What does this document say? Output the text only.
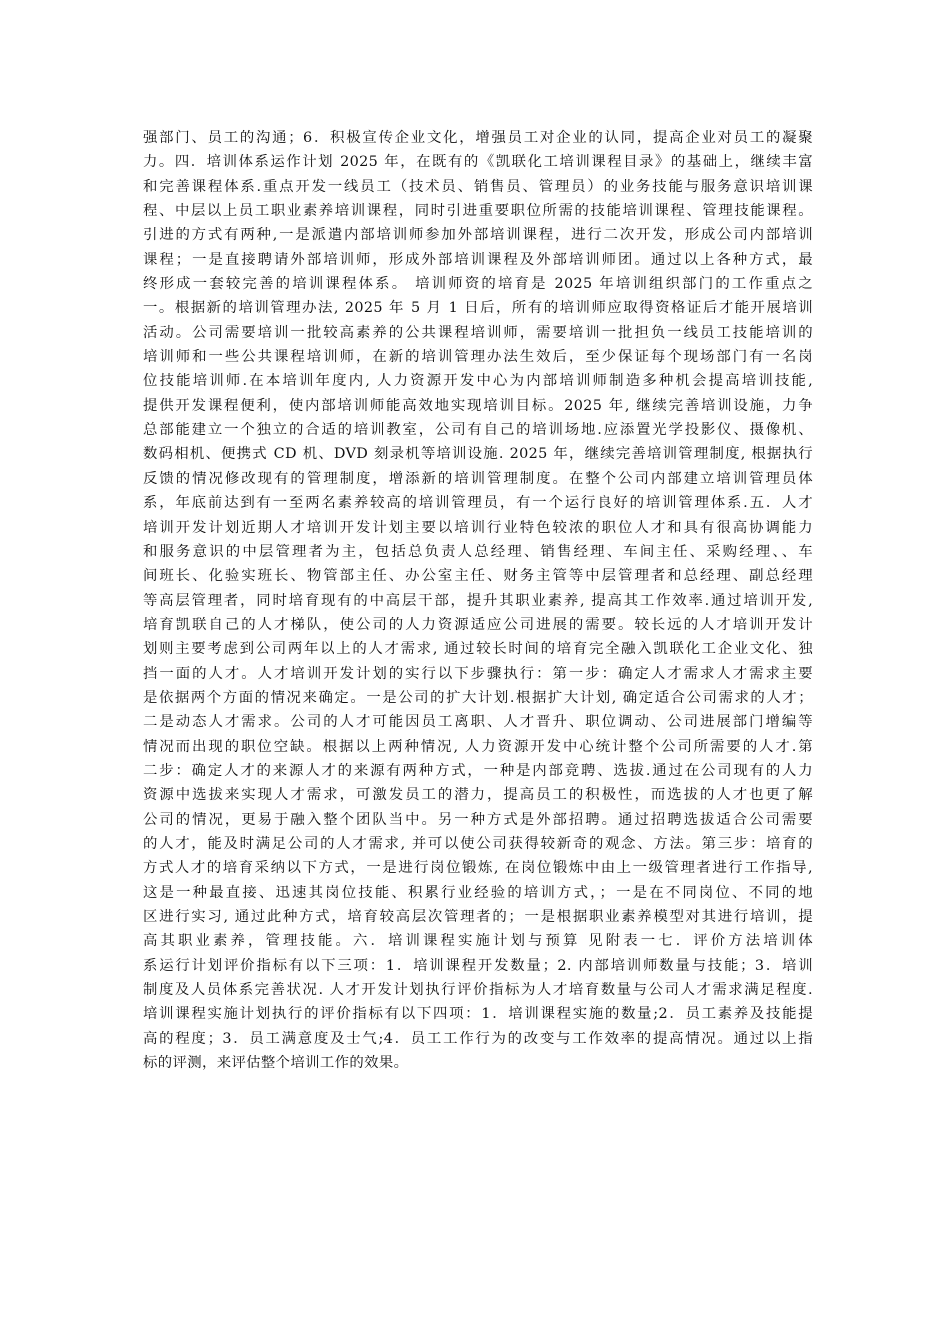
强部门、员工的沟通；6．积极宣传企业文化，增强员工对企业的认同，提高企业对员工的凝聚
力。四．培训体系运作计划 2025 年，在既有的《凯联化工培训课程目录》的基础上，继续丰富
和完善课程体系.重点开发一线员工（技术员、销售员、管理员）的业务技能与服务意识培训课
程、中层以上员工职业素养培训课程，同时引进重要职位所需的技能培训课程、管理技能课程。
引进的方式有两种,一是派遣内部培训师参加外部培训课程，进行二次开发，形成公司内部培训
课程；一是直接聘请外部培训师，形成外部培训课程及外部培训师团。通过以上各种方式，最
终形成一套较完善的培训课程体系。 培训师资的培育是 2025 年培训组织部门的工作重点之
一。根据新的培训管理办法, 2025 年 5 月 1 日后，所有的培训师应取得资格证后才能开展培训
活动。公司需要培训一批较高素养的公共课程培训师，需要培训一批担负一线员工技能培训的
培训师和一些公共课程培训师，在新的培训管理办法生效后，至少保证每个现场部门有一名岗
位技能培训师.在本培训年度内, 人力资源开发中心为内部培训师制造多种机会提高培训技能,
提供开发课程便利，使内部培训师能高效地实现培训目标。2025 年, 继续完善培训设施，力争
总部能建立一个独立的合适的培训教室，公司有自己的培训场地.应添置光学投影仪、摄像机、
数码相机、便携式 CD 机、DVD 刻录机等培训设施. 2025 年，继续完善培训管理制度, 根据执行
反馈的情况修改现有的管理制度，增添新的培训管理制度。在整个公司内部建立培训管理员体
系，年底前达到有一至两名素养较高的培训管理员，有一个运行良好的培训管理体系.五．人才
培训开发计划近期人才培训开发计划主要以培训行业特色较浓的职位人才和具有很高协调能力
和服务意识的中层管理者为主，包括总负责人总经理、销售经理、车间主任、采购经理、、车
间班长、化验实班长、物管部主任、办公室主任、财务主管等中层管理者和总经理、副总经理
等高层管理者，同时培育现有的中高层干部，提升其职业素养, 提高其工作效率.通过培训开发,
培育凯联自己的人才梯队，使公司的人力资源适应公司进展的需要。较长远的人才培训开发计
划则主要考虑到公司两年以上的人才需求, 通过较长时间的培育完全融入凯联化工企业文化、独
挡一面的人才。人才培训开发计划的实行以下步骤执行：第一步：确定人才需求人才需求主要
是依据两个方面的情况来确定。一是公司的扩大计划.根据扩大计划, 确定适合公司需求的人才；
二是动态人才需求。公司的人才可能因员工离职、人才晋升、职位调动、公司进展部门增编等
情况而出现的职位空缺。根据以上两种情况, 人力资源开发中心统计整个公司所需要的人才.第
二步：确定人才的来源人才的来源有两种方式，一种是内部竞聘、选拔.通过在公司现有的人力
资源中选拔来实现人才需求，可激发员工的潜力，提高员工的积极性，而选拔的人才也更了解
公司的情况，更易于融入整个团队当中。另一种方式是外部招聘。通过招聘选拔适合公司需要
的人才，能及时满足公司的人才需求, 并可以使公司获得较新奇的观念、方法。第三步：培育的
方式人才的培育采纳以下方式，一是进行岗位锻炼, 在岗位锻炼中由上一级管理者进行工作指导,
这是一种最直接、迅速其岗位技能、积累行业经验的培训方式，；一是在不同岗位、不同的地
区进行实习, 通过此种方式，培育较高层次管理者的；一是根据职业素养模型对其进行培训，提
高其职业素养，管理技能。六．培训课程实施计划与预算 见附表一七．评价方法培训体
系运行计划评价指标有以下三项：1．培训课程开发数量；2. 内部培训师数量与技能；3．培训
制度及人员体系完善状况. 人才开发计划执行评价指标为人才培育数量与公司人才需求满足程度.
培训课程实施计划执行的评价指标有以下四项：1．培训课程实施的数量;2．员工素养及技能提
高的程度；3．员工满意度及士气;4．员工工作行为的改变与工作效率的提高情况。通过以上指
标的评测，来评估整个培训工作的效果。
